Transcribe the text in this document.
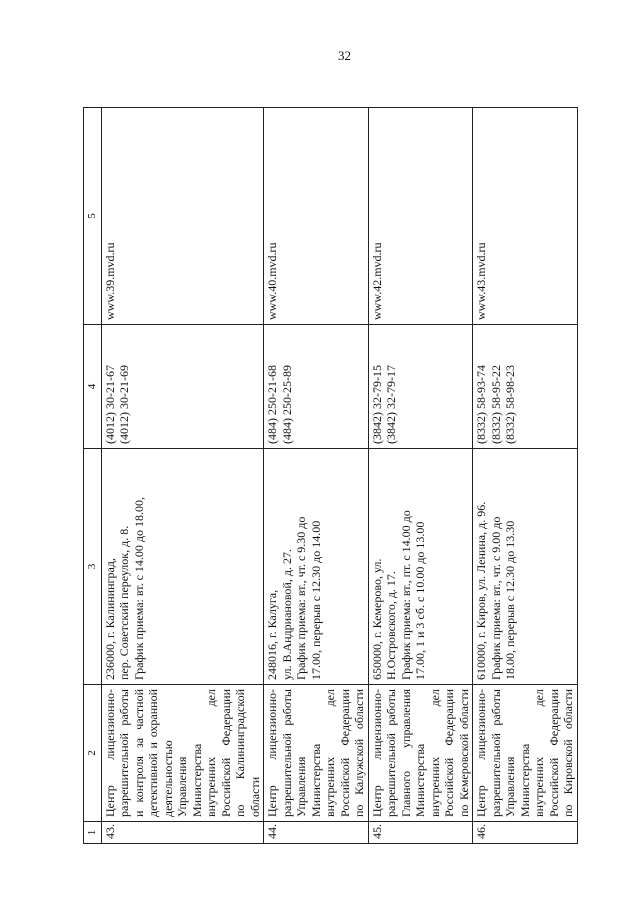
32
1	2	3	4	5
43.	Центр лицензионно-разрешительной работы и контроля за частной детективной и охранной деятельностью Управления Министерства внутренних дел Российской Федерации по Калининградской области	236000, г. Калининград, пер. Советский переулок, д. 8. График приема: вт. с 14.00 до 18.00,	(4012) 30-21-67 (4012) 30-21-69	www.39.mvd.ru
44.	Центр лицензионно-разрешительной работы Управления Министерства внутренних дел Российской Федерации по Калужской области	248016, г. Калуга, ул. В.Андриановой, д. 27. График приема: вт., чт. с 9.30 до 17.00, перерыв с 12.30 до 14.00	(484) 250-21-68 (484) 250-25-89	www.40.mvd.ru
45.	Центр лицензионно-разрешительной работы Главного управления Министерства внутренних дел Российской Федерации по Кемеровской области	650000, г. Кемерово, ул. Н.Островского, д. 17. График приема: вт., пт. с 14.00 до 17.00, 1 и 3 сб. с 10.00 до 13.00	(3842) 32-79-15 (3842) 32-79-17	www.42.mvd.ru
46.	Центр лицензионно-разрешительной работы Управления Министерства внутренних дел Российской Федерации по Кировской области	610000, г. Киров, ул. Ленина, д. 96. График приема: вт., чт. с 9.00 до 18.00, перерыв с 12.30 до 13.30	(8332) 58-93-74 (8332) 58-95-22 (8332) 58-98-23	www.43.mvd.ru
